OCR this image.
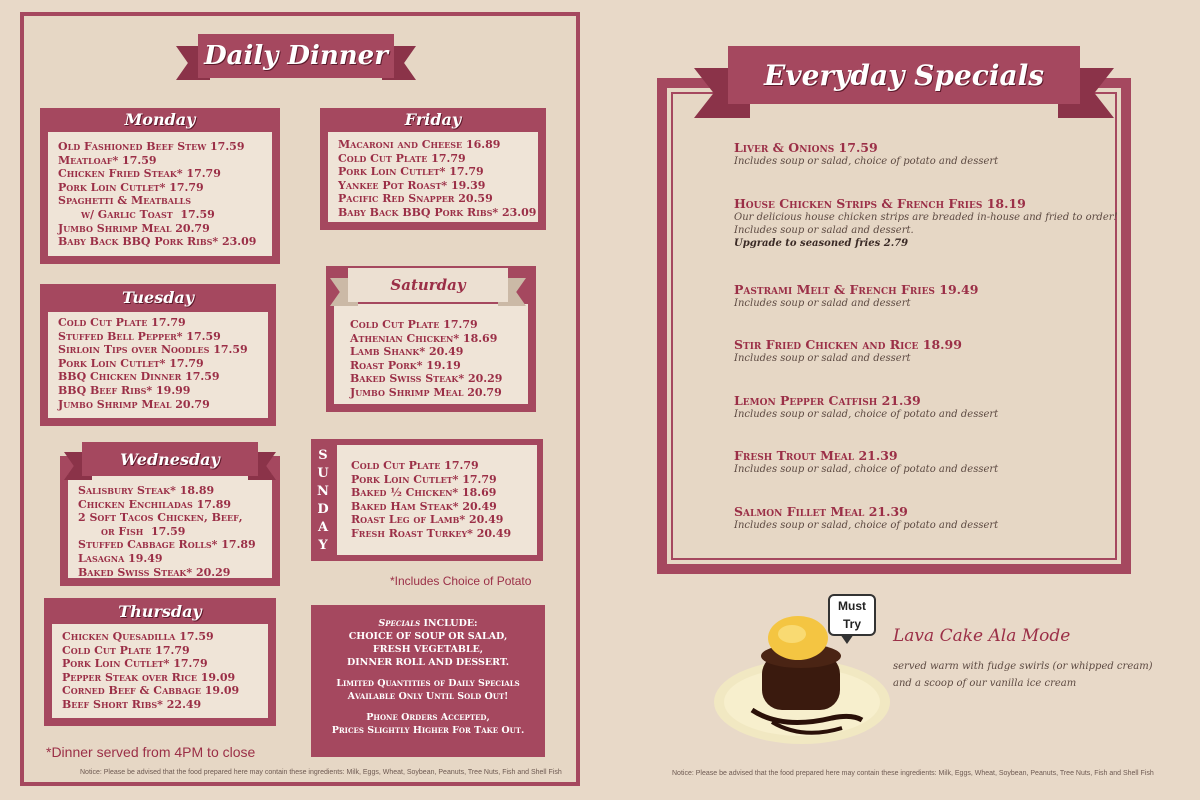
Daily Dinner
Monday
Old Fashioned Beef Stew 17.59
Meatloaf* 17.59
Chicken Fried Steak* 17.79
Pork Loin Cutlet* 17.79
Spaghetti & Meatballs
w/ Garlic Toast  17.59
Jumbo Shrimp Meal 20.79
Baby Back BBQ Pork Ribs* 23.09
Friday
Macaroni and Cheese 16.89
Cold Cut Plate 17.79
Pork Loin Cutlet* 17.79
Yankee Pot Roast* 19.39
Pacific Red Snapper 20.59
Baby Back BBQ Pork Ribs* 23.09
Tuesday
Cold Cut Plate 17.79
Stuffed Bell Pepper* 17.59
Sirloin Tips over Noodles 17.59
Pork Loin Cutlet* 17.79
BBQ Chicken Dinner 17.59
BBQ Beef Ribs* 19.99
Jumbo Shrimp Meal 20.79
Cold Cut Plate 17.79
Athenian Chicken* 18.69
Lamb Shank* 20.49
Roast Pork* 19.19
Baked Swiss Steak* 20.29
Jumbo Shrimp Meal 20.79
Saturday
Salisbury Steak* 18.89
Chicken Enchiladas 17.89
2 Soft Tacos Chicken, Beef,
or Fish  17.59
Stuffed Cabbage Rolls* 17.89
Lasagna 19.49
Baked Swiss Steak* 20.29
Wednesday	S
U
N
D
A
Y
Cold Cut Plate 17.79
Pork Loin Cutlet* 17.79
Baked ½ Chicken* 18.69
Baked Ham Steak* 20.49
Roast Leg of Lamb* 20.49
Fresh Roast Turkey* 20.49
*Includes Choice of Potato
Thursday
Chicken Quesadilla 17.59
Cold Cut Plate 17.79
Pork Loin Cutlet* 17.79
Pepper Steak over Rice 19.09
Corned Beef & Cabbage 19.09
Beef Short Ribs* 22.49
Specials INCLUDE:
CHOICE OF SOUP OR SALAD,
FRESH VEGETABLE,
DINNER ROLL AND DESSERT.
Limited Quantities of Daily Specials
Available Only Until Sold Out!
Phone Orders Accepted,
Prices Slightly Higher For Take Out.
*Dinner served from 4PM to close
Notice: Please be advised that the food prepared here may contain these ingredients: Milk, Eggs, Wheat, Soybean, Peanuts, Tree Nuts, Fish and Shell Fish
Everyday Specials
Liver & Onions 17.59
Includes soup or salad, choice of potato and dessert
House Chicken Strips & French Fries 18.19
Our delicious house chicken strips are breaded in-house and fried to order!
Includes soup or salad and dessert.
Upgrade to seasoned fries 2.79
Pastrami Melt & French Fries 19.49
Includes soup or salad and dessert
Stir Fried Chicken and Rice 18.99
Includes soup or salad and dessert
Lemon Pepper Catfish 21.39
Includes soup or salad, choice of potato and dessert
Fresh Trout Meal 21.39
Includes soup or salad, choice of potato and dessert
Salmon Fillet Meal 21.39
Includes soup or salad, choice of potato and dessert
Must
Try
Lava Cake Ala Mode
served warm with fudge swirls (or whipped cream)
and a scoop of our vanilla ice cream
Notice: Please be advised that the food prepared here may contain these ingredients: Milk, Eggs, Wheat, Soybean, Peanuts, Tree Nuts, Fish and Shell Fish
